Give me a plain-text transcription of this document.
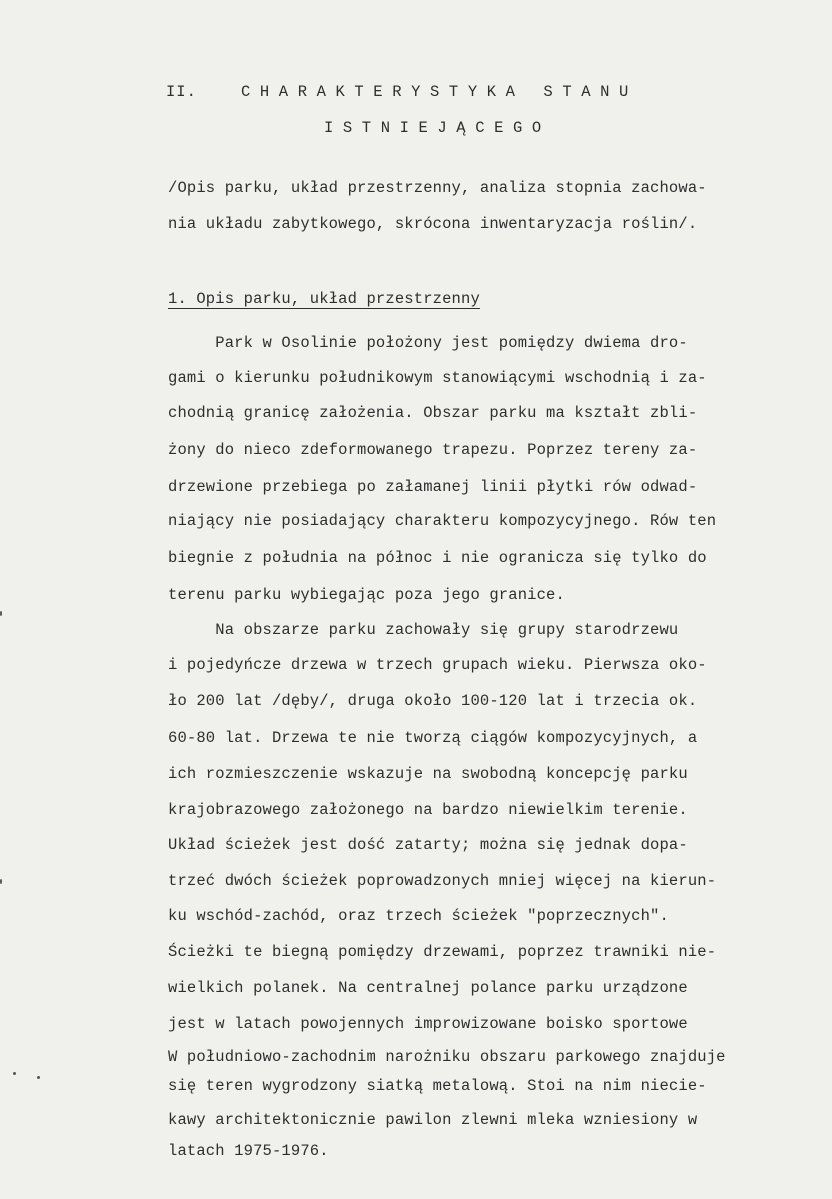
II.	CHARAKTERYSTYKA STANU
ISTNIEJĄCEGO
/Opis parku, układ przestrzenny, analiza stopnia zachowa-
nia układu zabytkowego, skrócona inwentaryzacja roślin/.
1. Opis parku, układ przestrzenny
Park w Osolinie położony jest pomiędzy dwiema dro-
gami o kierunku południkowym stanowiącymi wschodnią i za-
chodnią granicę założenia. Obszar parku ma kształt zbli-
żony do nieco zdeformowanego trapezu. Poprzez tereny za-
drzewione przebiega po załamanej linii płytki rów odwad-
niający nie posiadający charakteru kompozycyjnego. Rów ten
biegnie z południa na północ i nie ogranicza się tylko do
terenu parku wybiegając poza jego granice.
Na obszarze parku zachowały się grupy starodrzewu
i pojedyńcze drzewa w trzech grupach wieku. Pierwsza oko-
ło 200 lat /dęby/, druga około 100-120 lat i trzecia ok.
60-80 lat. Drzewa te nie tworzą ciągów kompozycyjnych, a
ich rozmieszczenie wskazuje na swobodną koncepcję parku
krajobrazowego założonego na bardzo niewielkim terenie.
Układ ścieżek jest dość zatarty; można się jednak dopa-
trzeć dwóch ścieżek poprowadzonych mniej więcej na kierun-
ku wschód-zachód, oraz trzech ścieżek "poprzecznych".
Ścieżki te biegną pomiędzy drzewami, poprzez trawniki nie-
wielkich polanek. Na centralnej polance parku urządzone
jest w latach powojennych improwizowane boisko sportowe
W południowo-zachodnim narożniku obszaru parkowego znajduje
się teren wygrodzony siatką metalową. Stoi na nim niecie-
kawy architektonicznie pawilon zlewni mleka wzniesiony w
latach 1975-1976.
